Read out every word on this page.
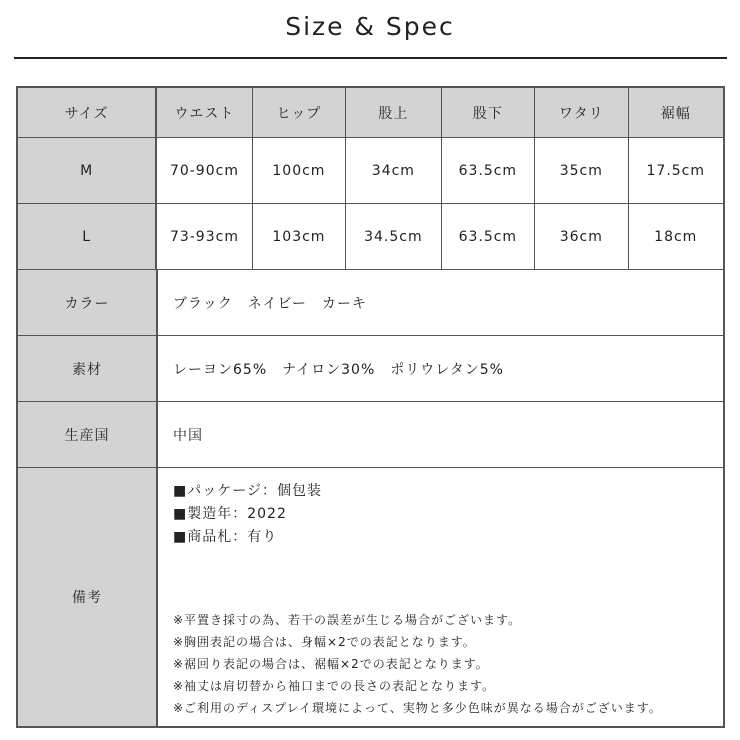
Size & Spec
サイズ	ウエスト	ヒップ	股上	股下	ワタリ	裾幅
M	70-90cm	100cm	34cm	63.5cm	35cm	17.5cm
L	73-93cm	103cm	34.5cm	63.5cm	36cm	18cm
カラー	ブラック　ネイビー　カーキ
素材	レーヨン65%　ナイロン30%　ポリウレタン5%
生産国	中国
備考
■パッケージ：個包装
■製造年：2022
■商品札：有り
※平置き採寸の為、若干の誤差が生じる場合がございます。
※胸囲表記の場合は、身幅×2での表記となります。
※裾回り表記の場合は、裾幅×2での表記となります。
※袖丈は肩切替から袖口までの長さの表記となります。
※ご利用のディスプレイ環境によって、実物と多少色味が異なる場合がございます。
